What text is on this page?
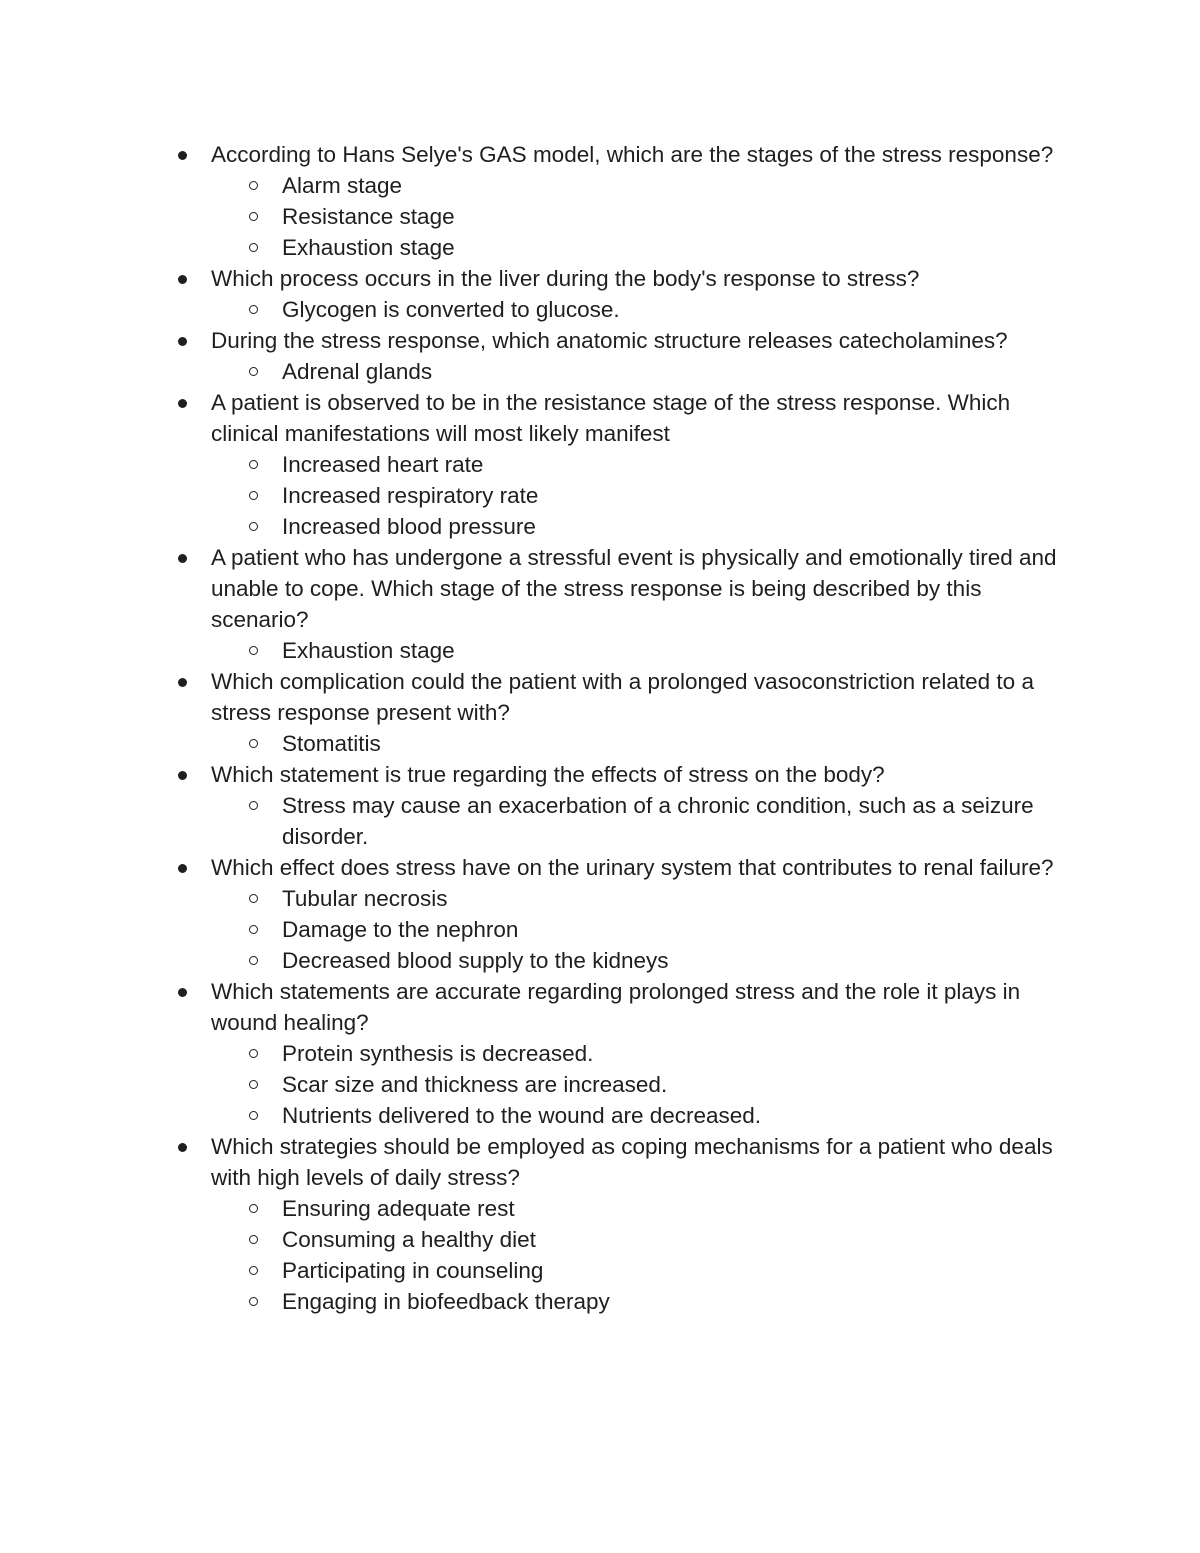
According to Hans Selye's GAS model, which are the stages of the stress response?
Alarm stage
Resistance stage
Exhaustion stage
Which process occurs in the liver during the body's response to stress?
Glycogen is converted to glucose.
During the stress response, which anatomic structure releases catecholamines?
Adrenal glands
A patient is observed to be in the resistance stage of the stress response. Which clinical manifestations will most likely manifest
Increased heart rate
Increased respiratory rate
Increased blood pressure
A patient who has undergone a stressful event is physically and emotionally tired and unable to cope. Which stage of the stress response is being described by this scenario?
Exhaustion stage
Which complication could the patient with a prolonged vasoconstriction related to a stress response present with?
Stomatitis
Which statement is true regarding the effects of stress on the body?
Stress may cause an exacerbation of a chronic condition, such as a seizure disorder.
Which effect does stress have on the urinary system that contributes to renal failure?
Tubular necrosis
Damage to the nephron
Decreased blood supply to the kidneys
Which statements are accurate regarding prolonged stress and the role it plays in wound healing?
Protein synthesis is decreased.
Scar size and thickness are increased.
Nutrients delivered to the wound are decreased.
Which strategies should be employed as coping mechanisms for a patient who deals with high levels of daily stress?
Ensuring adequate rest
Consuming a healthy diet
Participating in counseling
Engaging in biofeedback therapy
